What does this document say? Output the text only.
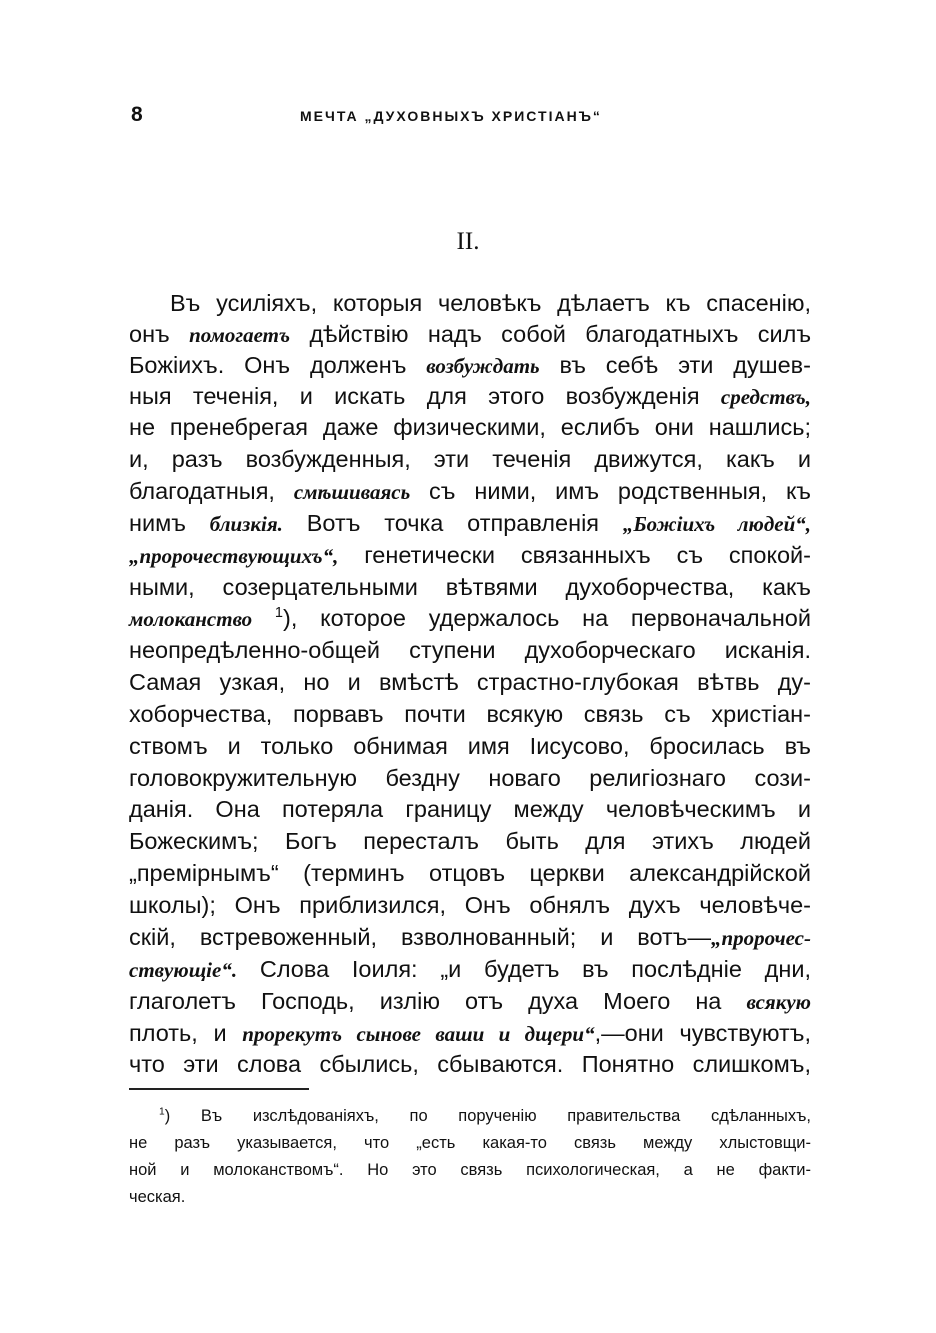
8	МЕЧТА „ДУХОВНЫХЪ ХРИСТІАНЪ“
II.
Въ усиліяхъ, которыя человѣкъ дѣлаетъ къ спасенію,
онъ помогаетъ дѣйствію надъ собой благодатныхъ силъ
Божіихъ. Онъ долженъ возбуждать въ себѣ эти душев-
ныя теченія, и искать для этого возбужденія средствъ,
не пренебрегая даже физическими, еслибъ они нашлись;
и, разъ возбужденныя, эти теченія движутся, какъ и
благодатныя, смѣшиваясь съ ними, имъ родственныя, къ
нимъ близкія. Вотъ точка отправленія „Божіихъ людей“,
„пророчествующихъ“, генетически связанныхъ съ спокой-
ными, созерцательными вѣтвями духоборчества, какъ
молоканство $^1$), которое удержалось на первоначальной
неопредѣленно-общей ступени духоборческаго исканія.
Самая узкая, но и вмѣстѣ страстно-глубокая вѣтвь ду-
хоборчества, порвавъ почти всякую связь съ христіан-
ствомъ и только обнимая имя Іисусово, бросилась въ
головокружительную бездну новаго религіознаго сози-
данія. Она потеряла границу между человѣческимъ и
Божескимъ; Богъ пересталъ быть для этихъ людей
„премірнымъ“ (терминъ отцовъ церкви александрійской
школы); Онъ приблизился, Онъ обнялъ духъ человѣче-
скій, встревоженный, взволнованный; и вотъ—„пророчес-
ствующіе“. Слова Іоиля: „и будетъ въ послѣдніе дни,
глаголетъ Господь, излію отъ духа Моего на всякую
плоть, и прорекутъ сынове ваши и дщери“,—они чувствуютъ,
что эти слова сбылись, сбываются. Понятно слишкомъ,
$^1$) Въ изслѣдованіяхъ, по порученію правительства сдѣланныхъ,
не разъ указывается, что „есть какая-то связь между хлыстовщи-
ной и молоканствомъ“. Но это связь психологическая, а не факти-
ческая.
